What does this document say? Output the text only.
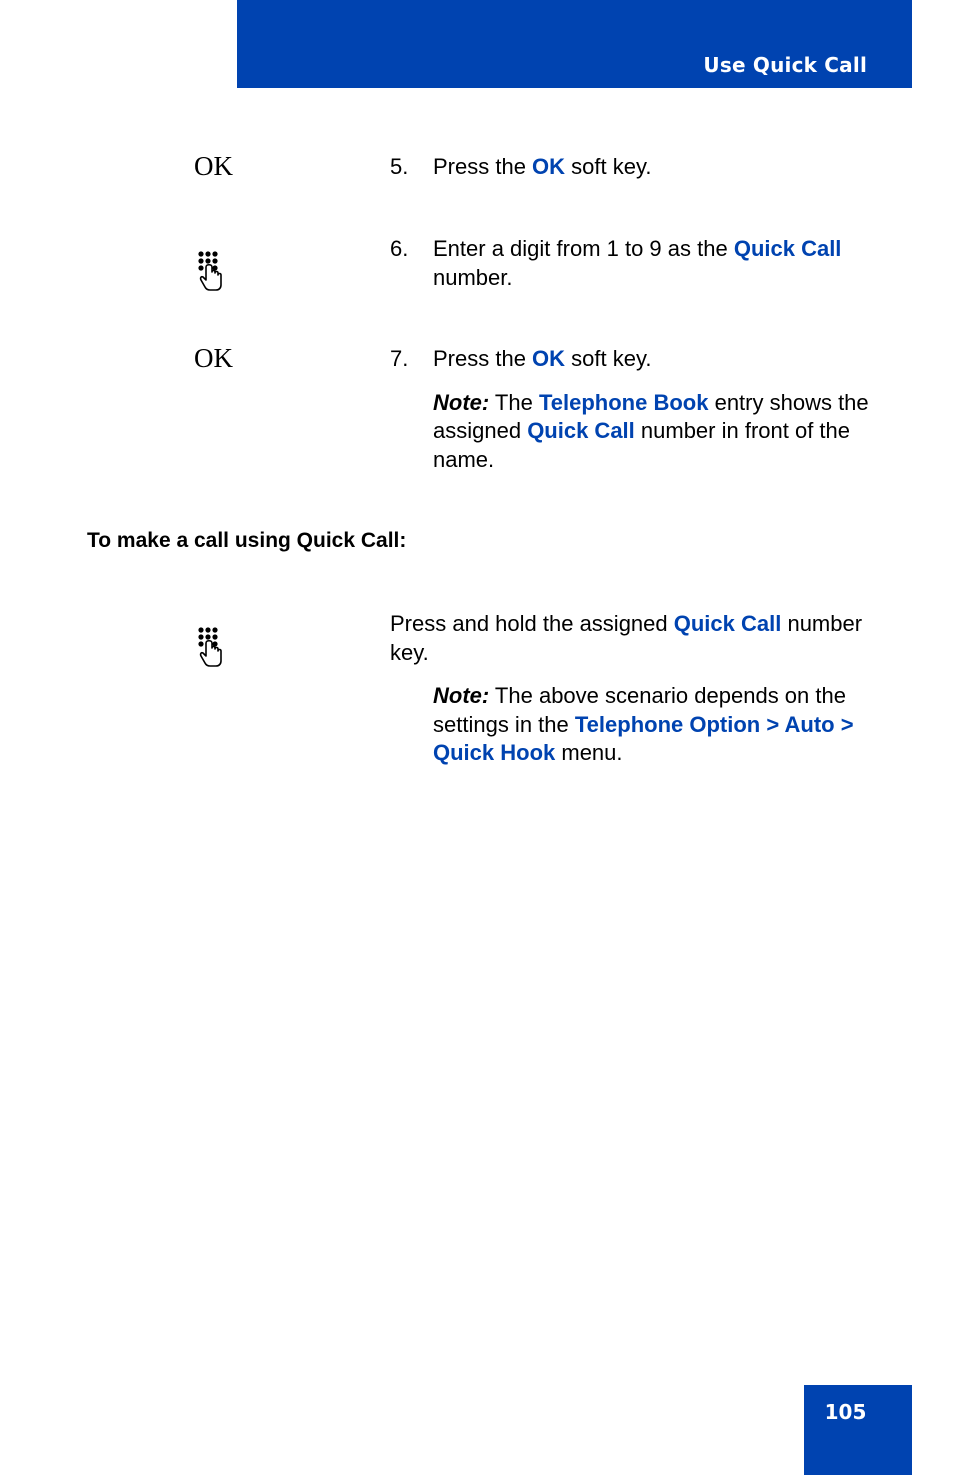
Use Quick Call
OK	5. Press the OK soft key.
6. Enter a digit from 1 to 9 as the Quick Call number.
OK	7. Press the OK soft key.
Note: The Telephone Book entry shows the assigned Quick Call number in front of the name.
To make a call using Quick Call:
Press and hold the assigned Quick Call number key.
Note: The above scenario depends on the settings in the Telephone Option > Auto > Quick Hook menu.
105
